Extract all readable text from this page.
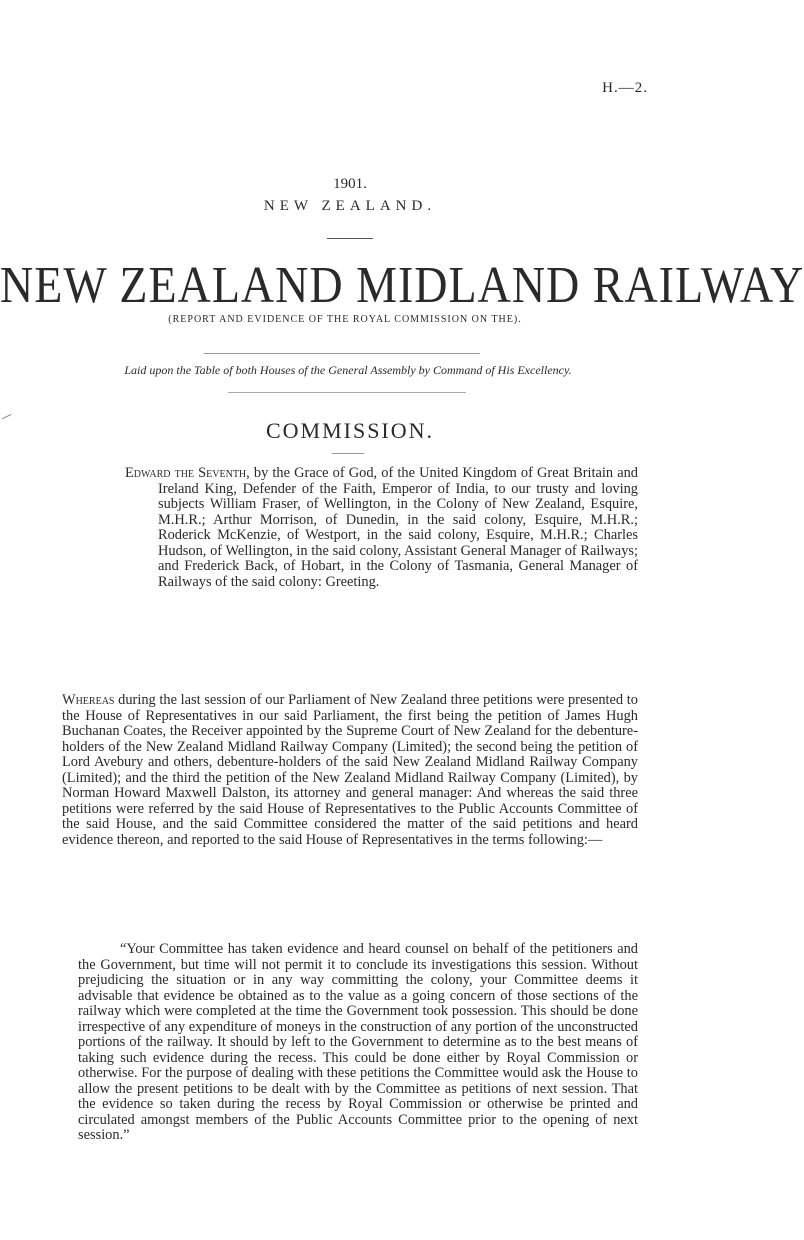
H.—2.
1901.
NEW ZEALAND.
NEW ZEALAND MIDLAND RAILWAY
(REPORT AND EVIDENCE OF THE ROYAL COMMISSION ON THE).
Laid upon the Table of both Houses of the General Assembly by Command of His Excellency.
COMMISSION.
Edward the Seventh, by the Grace of God, of the United Kingdom of Great Britain and Ireland King, Defender of the Faith, Emperor of India, to our trusty and loving subjects William Fraser, of Wellington, in the Colony of New Zealand, Esquire, M.H.R.; Arthur Morrison, of Dunedin, in the said colony, Esquire, M.H.R.; Roderick McKenzie, of Westport, in the said colony, Esquire, M.H.R.; Charles Hudson, of Wellington, in the said colony, Assistant General Manager of Railways; and Frederick Back, of Hobart, in the Colony of Tasmania, General Manager of Railways of the said colony: Greeting.
Whereas during the last session of our Parliament of New Zealand three petitions were presented to the House of Representatives in our said Parliament, the first being the petition of James Hugh Buchanan Coates, the Receiver appointed by the Supreme Court of New Zealand for the debenture-holders of the New Zealand Midland Railway Company (Limited); the second being the petition of Lord Avebury and others, debenture-holders of the said New Zealand Midland Railway Company (Limited); and the third the petition of the New Zealand Midland Railway Company (Limited), by Norman Howard Maxwell Dalston, its attorney and general manager: And whereas the said three petitions were referred by the said House of Representatives to the Public Accounts Committee of the said House, and the said Committee considered the matter of the said petitions and heard evidence thereon, and reported to the said House of Representatives in the terms following:—
“Your Committee has taken evidence and heard counsel on behalf of the petitioners and the Government, but time will not permit it to conclude its investigations this session. Without prejudicing the situation or in any way committing the colony, your Committee deems it advisable that evidence be obtained as to the value as a going concern of those sections of the railway which were completed at the time the Government took possession. This should be done irrespective of any expenditure of moneys in the construction of any portion of the unconstructed portions of the railway. It should by left to the Government to determine as to the best means of taking such evidence during the recess. This could be done either by Royal Commission or otherwise. For the purpose of dealing with these petitions the Committee would ask the House to allow the present petitions to be dealt with by the Committee as petitions of next session. That the evidence so taken during the recess by Royal Commission or otherwise be printed and circulated amongst members of the Public Accounts Committee prior to the opening of next session.”
